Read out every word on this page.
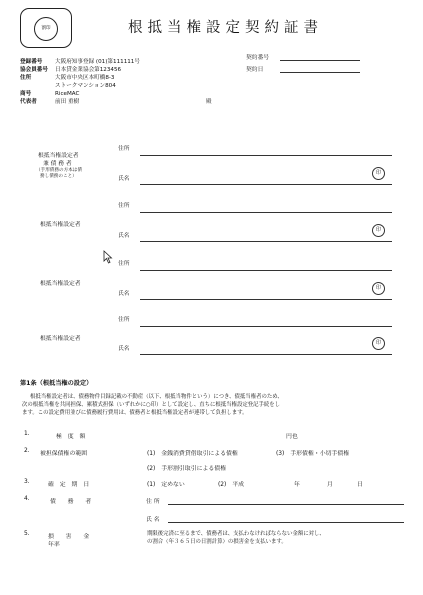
割印	根抵当権設定契約証書
契約番号
契約日
登録番号 大阪府知事登録 (01)第111111号
協会員番号 日本貸金業協会第123456
住所	大阪市中央区本町橋8-3
ストークマンション804
商号	RiceMAC
代表者	前田 重樹	殿
根抵当権設定者
兼 債 務 者
（手形債務の方本は債
務し債務のこと）
住所
氏名
印
根抵当権設定者
住所
氏名
印
根抵当権設定者
住所
氏名
印
根抵当権設定者
住所
氏名
印
第1条（根抵当権の設定）
根抵当権設定者は、債務物件目録記載の不動産（以下、根抵当物件という）につき、債抵当権者のため、
次の根抵当権を共同担保、累積式担保（いずれかに○印）として設定し、直ちに根抵当権設定登記手続をし
ます。この設定費用並びに債務履行費用は、債務者と根抵当権設定者が連帯して負担します。
1.	極　度　額	円也
2. 被担保債権の範囲	(1)　金銭消費貸借取引による債権	(3)　手形債権・小切手債権
(2)　手形割引取引による債権
3.	確　定　期　日	(1)　定めない	(2)　平成	年	月	日
4.	債　　務　　者	住 所
氏 名
5.	損　　害　　金
年率
期限後完済に至るまで、債務者は、支払わなければならない金額に対し、
の割合（年３６５日の日割計算）の損害金を支払います。
